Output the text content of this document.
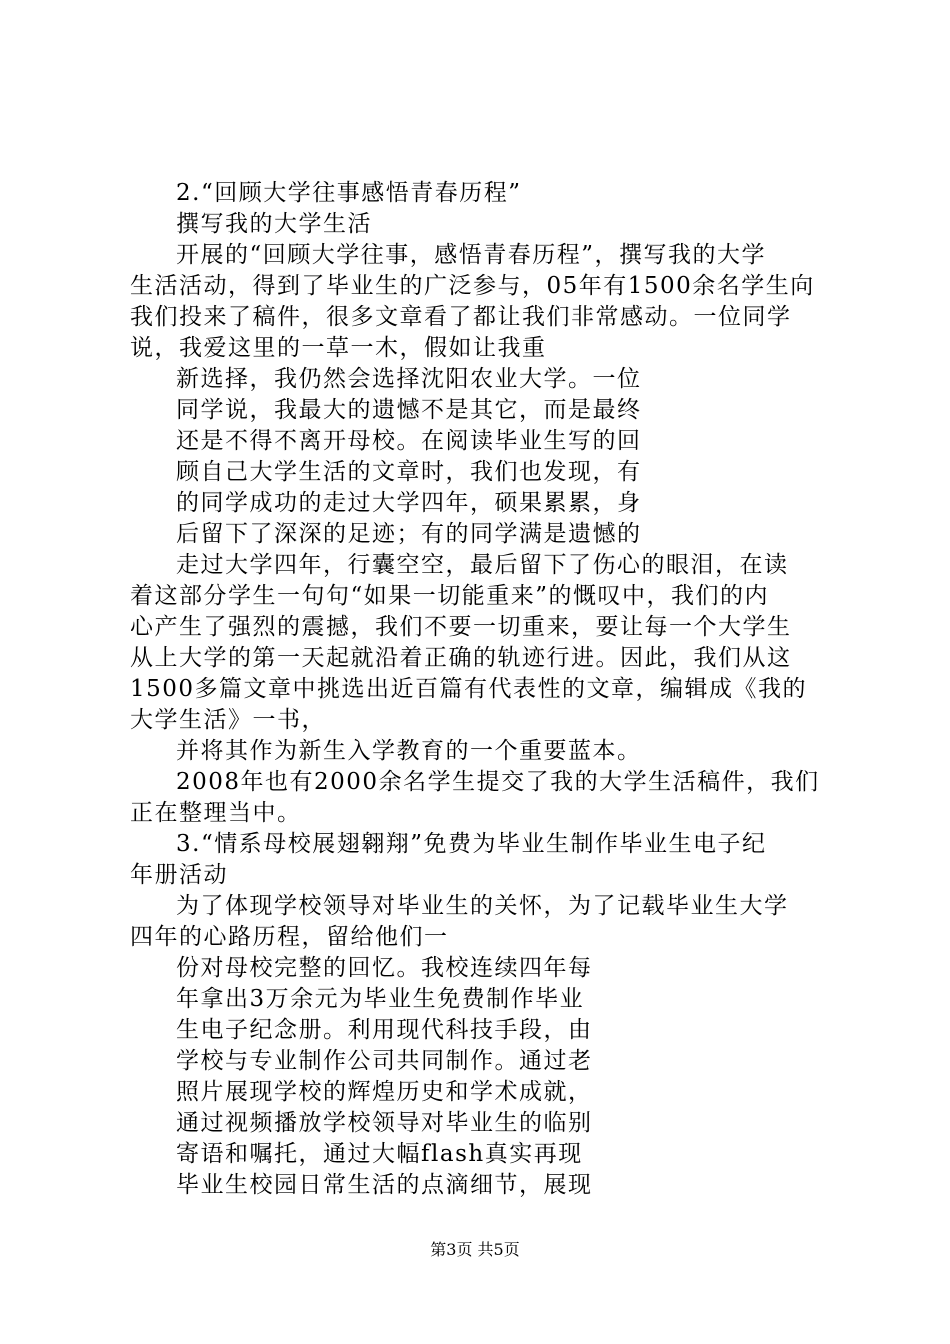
2.“回顾大学往事感悟青春历程”
撰写我的大学生活
开展的“回顾大学往事，感悟青春历程”，撰写我的大学
生活活动，得到了毕业生的广泛参与，05年有1500余名学生向
我们投来了稿件，很多文章看了都让我们非常感动。一位同学
说，我爱这里的一草一木，假如让我重
新选择，我仍然会选择沈阳农业大学。一位
同学说，我最大的遗憾不是其它，而是最终
还是不得不离开母校。在阅读毕业生写的回
顾自己大学生活的文章时，我们也发现，有
的同学成功的走过大学四年，硕果累累，身
后留下了深深的足迹；有的同学满是遗憾的
走过大学四年，行囊空空，最后留下了伤心的眼泪，在读
着这部分学生一句句“如果一切能重来”的慨叹中，我们的内
心产生了强烈的震撼，我们不要一切重来，要让每一个大学生
从上大学的第一天起就沿着正确的轨迹行进。因此，我们从这
1500多篇文章中挑选出近百篇有代表性的文章，编辑成《我的
大学生活》一书，
并将其作为新生入学教育的一个重要蓝本。
2008年也有2000余名学生提交了我的大学生活稿件，我们
正在整理当中。
3.“情系母校展翅翱翔”免费为毕业生制作毕业生电子纪
年册活动
为了体现学校领导对毕业生的关怀，为了记载毕业生大学
四年的心路历程，留给他们一
份对母校完整的回忆。我校连续四年每
年拿出3万余元为毕业生免费制作毕业
生电子纪念册。利用现代科技手段，由
学校与专业制作公司共同制作。通过老
照片展现学校的辉煌历史和学术成就，
通过视频播放学校领导对毕业生的临别
寄语和嘱托，通过大幅flash真实再现
毕业生校园日常生活的点滴细节，展现
第3页 共5页
